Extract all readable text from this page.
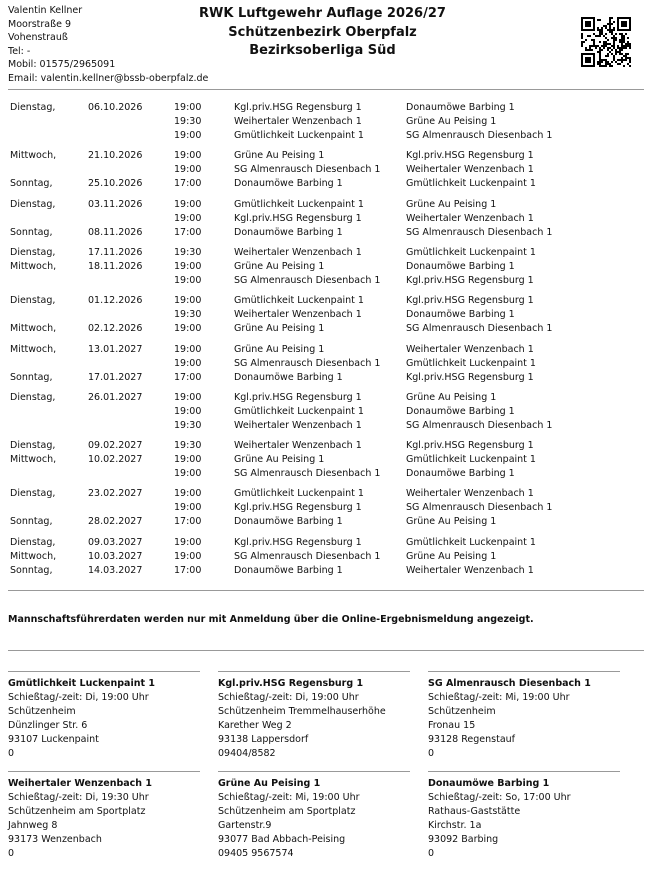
Valentin Kellner
Moorstraße 9
Vohenstrauß
Tel: -
Mobil: 01575/2965091
Email: valentin.kellner@bssb-oberpfalz.de
RWK Luftgewehr Auflage 2026/27
Schützenbezirk Oberpfalz
Bezirksoberliga Süd
Dienstag,	06.10.2026	19:00	Kgl.priv.HSG Regensburg 1	Donaumöwe Barbing 1
19:30	Weihertaler Wenzenbach 1	Grüne Au Peising 1
19:00	Gmütlichkeit Luckenpaint 1	SG Almenrausch Diesenbach 1
Mittwoch,	21.10.2026	19:00	Grüne Au Peising 1	Kgl.priv.HSG Regensburg 1
19:00	SG Almenrausch Diesenbach 1	Weihertaler Wenzenbach 1
Sonntag,	25.10.2026	17:00	Donaumöwe Barbing 1	Gmütlichkeit Luckenpaint 1
Dienstag,	03.11.2026	19:00	Gmütlichkeit Luckenpaint 1	Grüne Au Peising 1
19:00	Kgl.priv.HSG Regensburg 1	Weihertaler Wenzenbach 1
Sonntag,	08.11.2026	17:00	Donaumöwe Barbing 1	SG Almenrausch Diesenbach 1
Dienstag,	17.11.2026	19:30	Weihertaler Wenzenbach 1	Gmütlichkeit Luckenpaint 1
Mittwoch,	18.11.2026	19:00	Grüne Au Peising 1	Donaumöwe Barbing 1
19:00	SG Almenrausch Diesenbach 1	Kgl.priv.HSG Regensburg 1
Dienstag,	01.12.2026	19:00	Gmütlichkeit Luckenpaint 1	Kgl.priv.HSG Regensburg 1
19:30	Weihertaler Wenzenbach 1	Donaumöwe Barbing 1
Mittwoch,	02.12.2026	19:00	Grüne Au Peising 1	SG Almenrausch Diesenbach 1
Mittwoch,	13.01.2027	19:00	Grüne Au Peising 1	Weihertaler Wenzenbach 1
19:00	SG Almenrausch Diesenbach 1	Gmütlichkeit Luckenpaint 1
Sonntag,	17.01.2027	17:00	Donaumöwe Barbing 1	Kgl.priv.HSG Regensburg 1
Dienstag,	26.01.2027	19:00	Kgl.priv.HSG Regensburg 1	Grüne Au Peising 1
19:00	Gmütlichkeit Luckenpaint 1	Donaumöwe Barbing 1
19:30	Weihertaler Wenzenbach 1	SG Almenrausch Diesenbach 1
Dienstag,	09.02.2027	19:30	Weihertaler Wenzenbach 1	Kgl.priv.HSG Regensburg 1
Mittwoch,	10.02.2027	19:00	Grüne Au Peising 1	Gmütlichkeit Luckenpaint 1
19:00	SG Almenrausch Diesenbach 1	Donaumöwe Barbing 1
Dienstag,	23.02.2027	19:00	Gmütlichkeit Luckenpaint 1	Weihertaler Wenzenbach 1
19:00	Kgl.priv.HSG Regensburg 1	SG Almenrausch Diesenbach 1
Sonntag,	28.02.2027	17:00	Donaumöwe Barbing 1	Grüne Au Peising 1
Dienstag,	09.03.2027	19:00	Kgl.priv.HSG Regensburg 1	Gmütlichkeit Luckenpaint 1
Mittwoch,	10.03.2027	19:00	SG Almenrausch Diesenbach 1	Grüne Au Peising 1
Sonntag,	14.03.2027	17:00	Donaumöwe Barbing 1	Weihertaler Wenzenbach 1
Mannschaftsführerdaten werden nur mit Anmeldung über die Online-Ergebnismeldung angezeigt.
Gmütlichkeit Luckenpaint 1
Schießtag/-zeit: Di, 19:00 Uhr
Schützenheim
Dünzlinger Str. 6
93107 Luckenpaint
0
Kgl.priv.HSG Regensburg 1
Schießtag/-zeit: Di, 19:00 Uhr
Schützenheim Tremmelhauserhöhe
Karether Weg 2
93138 Lappersdorf
09404/8582
SG Almenrausch Diesenbach 1
Schießtag/-zeit: Mi, 19:00 Uhr
Schützenheim
Fronau 15
93128 Regenstauf
0
Weihertaler Wenzenbach 1
Schießtag/-zeit: Di, 19:30 Uhr
Schützenheim am Sportplatz
Jahnweg 8
93173 Wenzenbach
0
Grüne Au Peising 1
Schießtag/-zeit: Mi, 19:00 Uhr
Schützenheim am Sportplatz
Gartenstr.9
93077 Bad Abbach-Peising
09405 9567574
Donaumöwe Barbing 1
Schießtag/-zeit: So, 17:00 Uhr
Rathaus-Gaststätte
Kirchstr. 1a
93092 Barbing
0
